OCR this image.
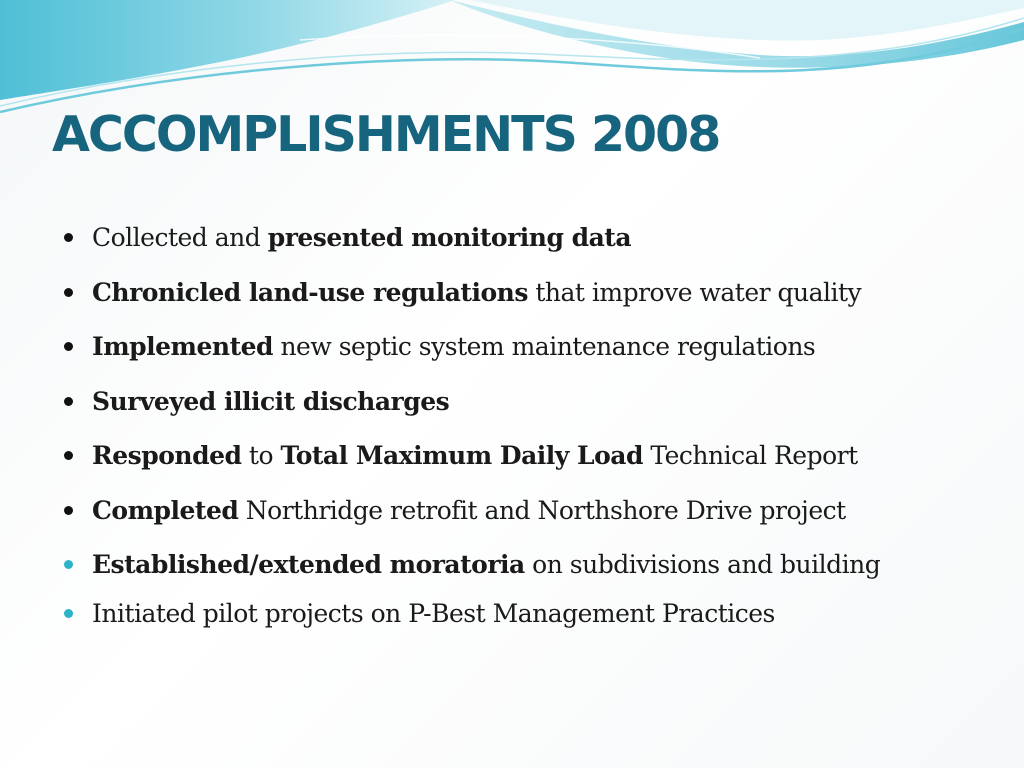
ACCOMPLISHMENTS 2008
Collected and presented monitoring data
Chronicled land-use regulations that improve water quality
Implemented new septic system maintenance regulations
Surveyed illicit discharges
Responded to Total Maximum Daily Load Technical Report
Completed Northridge retrofit and Northshore Drive project
Established/extended moratoria on subdivisions and building
Initiated pilot projects on P-Best Management Practices
